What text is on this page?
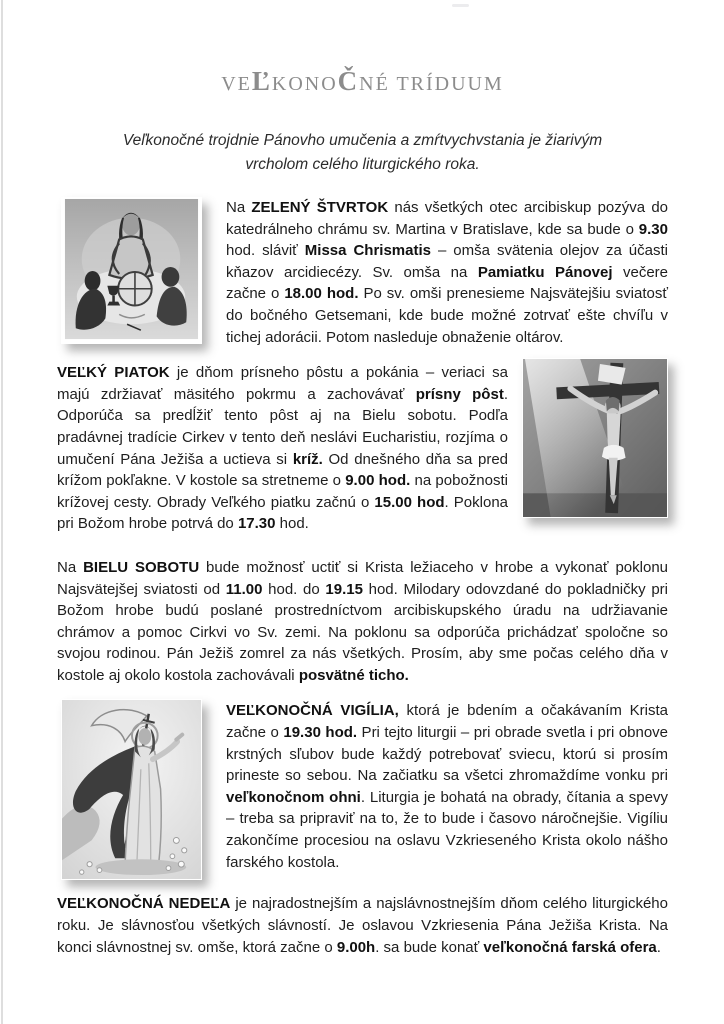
VEĽKONOČNÉ TRÍDUUM
Veľkonočné trojdnie Pánovho umučenia a zmŕtvychvstania je žiarivým
vrcholom celého liturgického roka.

Na ZELENÝ ŠTVRTOK nás všetkých otec arcibiskup pozýva do katedrálneho chrámu sv. Martina v Bratislave, kde sa bude o 9.30 hod. sláviť Missa Chrismatis – omša svätenia olejov za účasti kňazov arcidiecézy. Sv. omša na Pamiatku Pánovej večere začne o 18.00 hod. Po sv. omši prenesieme Najsvätejšiu sviatosť do bočného Getsemani, kde bude možné zotrvať ešte chvíľu v tichej adorácii. Potom nasleduje obnaženie oltárov.

VEĽKÝ PIATOK je dňom prísneho pôstu a pokánia – veriaci sa majú zdržiavať mäsitého pokrmu a zachovávať prísny pôst. Odporúča sa predĺžiť tento pôst aj na Bielu sobotu. Podľa pradávnej tradície Cirkev v tento deň neslávi Eucharistiu, rozjíma o umučení Pána Ježiša a uctieva si kríž. Od dnešného dňa sa pred krížom pokľakne. V kostole sa stretneme o 9.00 hod. na pobožnosti krížovej cesty. Obrady Veľkého piatku začnú o 15.00 hod. Poklona pri Božom hrobe potrvá do 17.30 hod.

Na BIELU SOBOTU bude možnosť uctiť si Krista ležiaceho v hrobe a vykonať poklonu Najsvätejšej sviatosti od 11.00 hod. do 19.15 hod. Milodary odovzdané do pokladničky pri Božom hrobe budú poslané prostredníctvom arcibiskupského úradu na udržiavanie chrámov a pomoc Cirkvi vo Sv. zemi. Na poklonu sa odporúča prichádzať spoločne so svojou rodinou. Pán Ježiš zomrel za nás všetkých. Prosím, aby sme počas celého dňa v kostole aj okolo kostola zachovávali posvätné ticho.

VEĽKONOČNÁ VIGÍLIA, ktorá je bdením a očakávaním Krista začne o 19.30 hod. Pri tejto liturgii – pri obrade svetla i pri obnove krstných sľubov bude každý potrebovať sviecu, ktorú si prosím prineste so sebou. Na začiatku sa všetci zhromaždíme vonku pri veľkonočnom ohni. Liturgia je bohatá na obrady, čítania a spevy – treba sa pripraviť na to, že to bude i časovo náročnejšie. Vigíliu zakončíme procesiou na oslavu Vzkrieseného Krista okolo nášho farského kostola.

VEĽKONOČNÁ NEDEĽA je najradostnejším a najslávnostnejším dňom celého liturgického roku. Je slávnosťou všetkých slávností. Je oslavou Vzkriesenia Pána Ježiša Krista. Na konci slávnostnej sv. omše, ktorá začne o 9.00h. sa bude konať veľkonočná farská ofera.
